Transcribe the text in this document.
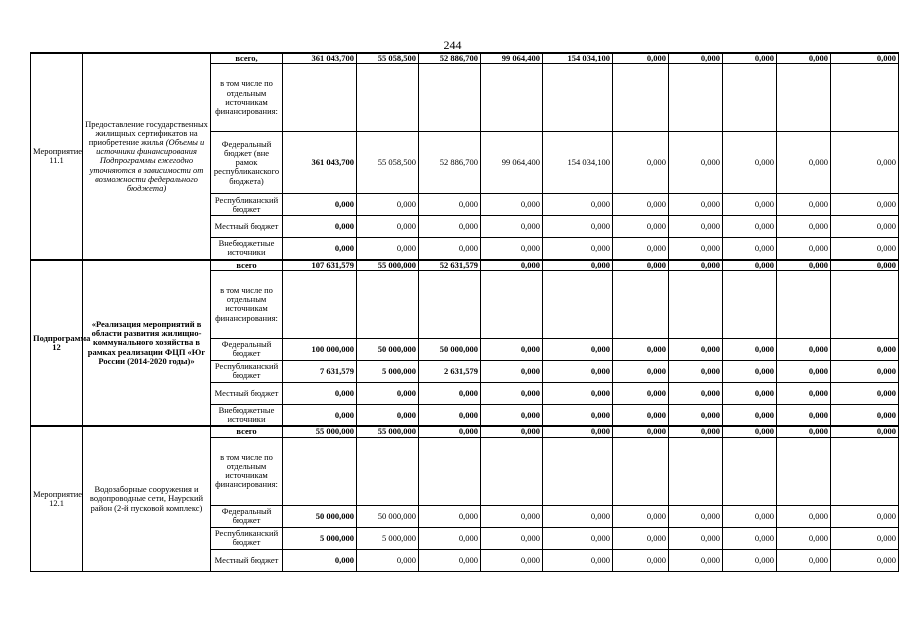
244
Мероприятие 11.1	Предоставление государственных жилищных сертификатов на приобретение жилья (Объемы и источники финансирования Подпрограммы ежегодно уточняются в зависимости от возможности федерального бюджета)	всего,	361 043,700	55 058,500	52 886,700	99 064,400	154 034,100	0,000	0,000	0,000	0,000	0,000
		в том числе по отдельным источникам финансирования:										
		Федеральный бюджет (вне рамок республиканского бюджета)	361 043,700	55 058,500	52 886,700	99 064,400	154 034,100	0,000	0,000	0,000	0,000	0,000
		Республиканский бюджет	0,000	0,000	0,000	0,000	0,000	0,000	0,000	0,000	0,000	0,000
		Местный бюджет	0,000	0,000	0,000	0,000	0,000	0,000	0,000	0,000	0,000	0,000
		Внебюджетные источники	0,000	0,000	0,000	0,000	0,000	0,000	0,000	0,000	0,000	0,000
Подпрограмма 12	«Реализация мероприятий в области развития жилищно-коммунального хозяйства в рамках реализации ФЦП «Юг России (2014-2020 годы)»	всего	107 631,579	55 000,000	52 631,579	0,000	0,000	0,000	0,000	0,000	0,000	0,000
		в том числе по отдельным источникам финансирования:										
		Федеральный бюджет	100 000,000	50 000,000	50 000,000	0,000	0,000	0,000	0,000	0,000	0,000	0,000
		Республиканский бюджет	7 631,579	5 000,000	2 631,579	0,000	0,000	0,000	0,000	0,000	0,000	0,000
		Местный бюджет	0,000	0,000	0,000	0,000	0,000	0,000	0,000	0,000	0,000	0,000
		Внебюджетные источники	0,000	0,000	0,000	0,000	0,000	0,000	0,000	0,000	0,000	0,000
Мероприятие 12.1	Водозаборные сооружения и водопроводные сети, Наурский район (2-й пусковой комплекс)	всего	55 000,000	55 000,000	0,000	0,000	0,000	0,000	0,000	0,000	0,000	0,000
		в том числе по отдельным источникам финансирования:										
		Федеральный бюджет	50 000,000	50 000,000	0,000	0,000	0,000	0,000	0,000	0,000	0,000	0,000
		Республиканский бюджет	5 000,000	5 000,000	0,000	0,000	0,000	0,000	0,000	0,000	0,000	0,000
		Местный бюджет	0,000	0,000	0,000	0,000	0,000	0,000	0,000	0,000	0,000	0,000
